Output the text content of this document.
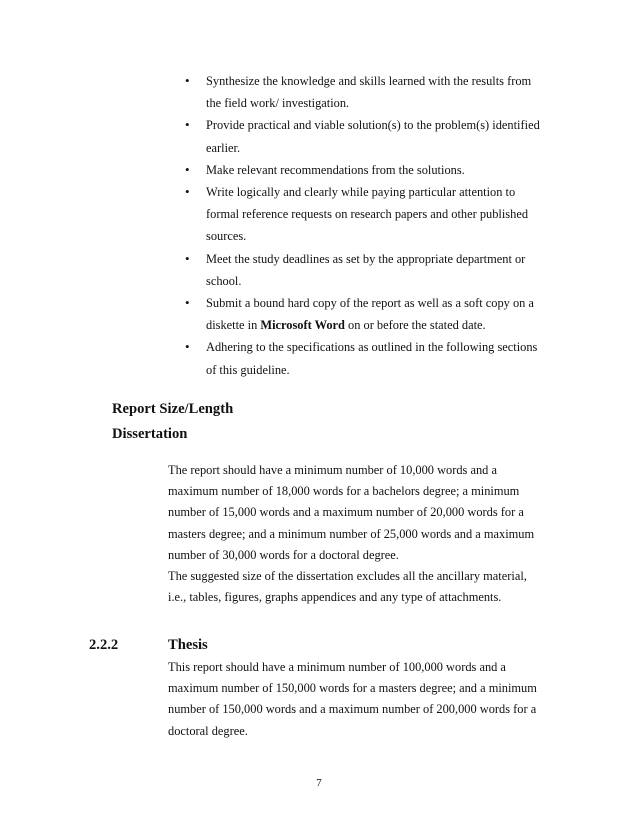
• Synthesize the knowledge and skills learned with the results from
the field work/ investigation.
• Provide practical and viable solution(s) to the problem(s) identified
earlier.
• Make relevant recommendations from the solutions.
• Write logically and clearly while paying particular attention to
formal reference requests on research papers and other published
sources.
• Meet the study deadlines as set by the appropriate department or
school.
• Submit a bound hard copy of the report as well as a soft copy on a
diskette in Microsoft Word on or before the stated date.
• Adhering to the specifications as outlined in the following sections
of this guideline.
Report Size/Length
Dissertation

The report should have a minimum number of 10,000 words and a
maximum number of 18,000 words for a bachelors degree; a minimum
number of 15,000 words and a maximum number of 20,000 words for a
masters degree; and a minimum number of 25,000 words and a maximum
number of 30,000 words for a doctoral degree.
The suggested size of the dissertation excludes all the ancillary material,
i.e., tables, figures, graphs appendices and any type of attachments.

2.2.2	Thesis

This report should have a minimum number of 100,000 words and a
maximum number of 150,000 words for a masters degree; and a minimum
number of 150,000 words and a maximum number of 200,000 words for a
doctoral degree.

7
